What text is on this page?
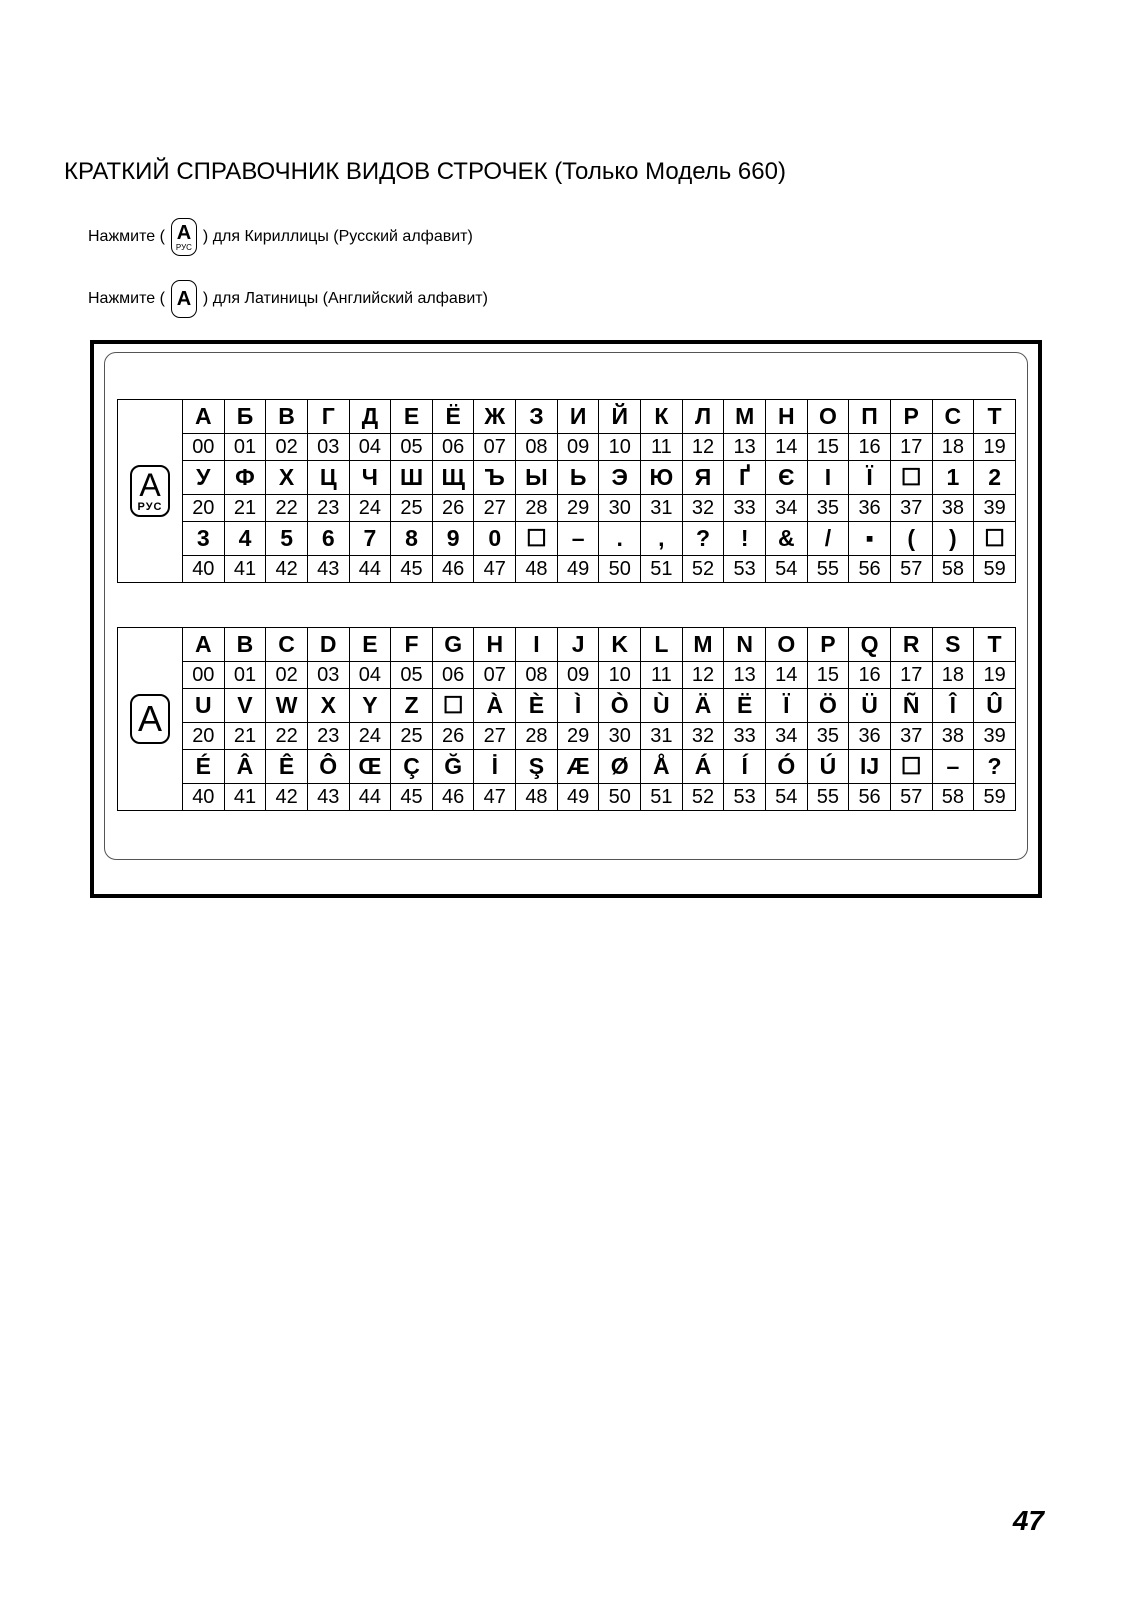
КРАТКИЙ СПРАВОЧНИК ВИДОВ СТРОЧЕК (Только Модель 660)
Нажмите ( A
РУС
) для Кириллицы (Русский алфавит)
Нажмите ( A ) для Латиницы (Английский алфавит)
A
РУС	А	Б	В	Г	Д	Е	Ё	Ж	З	И	Й	К	Л	М	Н	О	П	Р	С	Т
	00	01	02	03	04	05	06	07	08	09	10	11	12	13	14	15	16	17	18	19
	У	Ф	Х	Ц	Ч	Ш	Щ	Ъ	Ы	Ь	Э	Ю	Я	Ґ	Є	І	Ї	☐	1	2
	20	21	22	23	24	25	26	27	28	29	30	31	32	33	34	35	36	37	38	39
	3	4	5	6	7	8	9	0	☐	–	.	,	?	!	&	/	▪	(	)	☐
	40	41	42	43	44	45	46	47	48	49	50	51	52	53	54	55	56	57	58	59
A	A	B	C	D	E	F	G	H	I	J	K	L	M	N	O	P	Q	R	S	T
	00	01	02	03	04	05	06	07	08	09	10	11	12	13	14	15	16	17	18	19
	U	V	W	X	Y	Z	☐	À	È	Ì	Ò	Ù	Ä	Ë	Ï	Ö	Ü	Ñ	Î	Û
	20	21	22	23	24	25	26	27	28	29	30	31	32	33	34	35	36	37	38	39
	É	Â	Ê	Ô	Œ	Ç	Ğ	İ	Ş	Æ	Ø	Å	Á	Í	Ó	Ú	IJ	☐	–	?
	40	41	42	43	44	45	46	47	48	49	50	51	52	53	54	55	56	57	58	59
47
